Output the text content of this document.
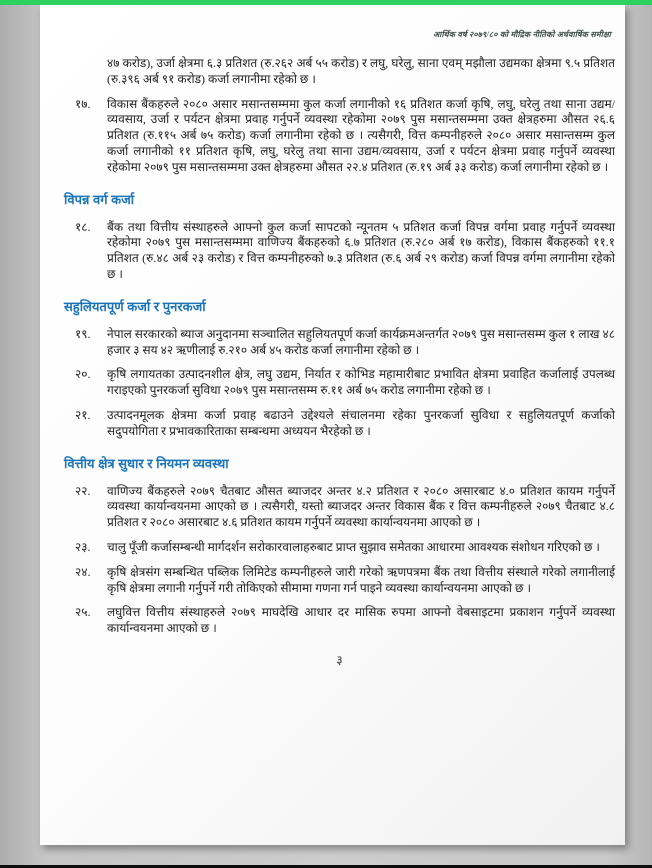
आर्थिक वर्ष २०७९/८० को मौद्रिक नीतिको अर्धवार्षिक समीक्षा

४७ करोड), उर्जा क्षेत्रमा ६.३ प्रतिशत (रु.२६२ अर्ब ५५ करोड) र लघु, घरेलु, साना एवम् मझौला उद्यमका क्षेत्रमा ९.५ प्रतिशत (रु.३९६ अर्ब ९१ करोड) कर्जा लगानीमा रहेको छ ।

१७.	विकास बैंकहरुले २०८० असार मसान्तसम्ममा कुल कर्जा लगानीको १६ प्रतिशत कर्जा कृषि, लघु, घरेलु तथा साना उद्यम/व्यवसाय, उर्जा र पर्यटन क्षेत्रमा प्रवाह गर्नुपर्ने व्यवस्था रहेकोमा २०७९ पुस मसान्तसम्ममा उक्त क्षेत्रहरुमा औसत २६.६ प्रतिशत (रु.११५ अर्ब ७५ करोड) कर्जा लगानीमा रहेको छ । त्यसैगरी, वित्त कम्पनीहरुले २०८० असार मसान्तसम्म कुल कर्जा लगानीको ११ प्रतिशत कृषि, लघु, घरेलु तथा साना उद्यम/व्यवसाय, उर्जा र पर्यटन क्षेत्रमा प्रवाह गर्नुपर्ने व्यवस्था रहेकोमा २०७९ पुस मसान्तसम्ममा उक्त क्षेत्रहरुमा औसत २२.४ प्रतिशत (रु.१९ अर्ब ३३ करोड) कर्जा लगानीमा रहेको छ ।
विपन्न वर्ग कर्जा
१८.	बैंक तथा वित्तीय संस्थाहरुले आफ्नो कुल कर्जा सापटको न्यूनतम ५ प्रतिशत कर्जा विपन्न वर्गमा प्रवाह गर्नुपर्ने व्यवस्था रहेकोमा २०७९ पुस मसान्तसम्ममा वाणिज्य बैंकहरुको ६.७ प्रतिशत (रु.२८० अर्ब १७ करोड), विकास बैंकहरुको ११.१ प्रतिशत (रु.४८ अर्ब २३ करोड) र वित्त कम्पनीहरुको ७.३ प्रतिशत (रु.६ अर्ब २९ करोड) कर्जा विपन्न वर्गमा लगानीमा रहेको छ ।
सहुलियतपूर्ण कर्जा र पुनरकर्जा
१९.	नेपाल सरकारको ब्याज अनुदानमा सञ्चालित सहुलियतपूर्ण कर्जा कार्यक्रमअन्तर्गत २०७९ पुस मसान्तसम्म कुल १ लाख ४८ हजार ३ सय ४२ ऋणीलाई रु.२१० अर्ब ४५ करोड कर्जा लगानीमा रहेको छ ।
२०.	कृषि लगायतका उत्पादनशील क्षेत्र, लघु उद्यम, निर्यात र कोभिड महामारीबाट प्रभावित क्षेत्रमा प्रवाहित कर्जालाई उपलब्ध गराइएको पुनरकर्जा सुविधा २०७९ पुस मसान्तसम्म रु.११ अर्ब ७५ करोड लगानीमा रहेको छ ।
२१.	उत्पादनमूलक क्षेत्रमा कर्जा प्रवाह बढाउने उद्देश्यले संचालनमा रहेका पुनरकर्जा सुविधा र सहुलियतपूर्ण कर्जाको सदुपयोगिता र प्रभावकारिताका सम्बन्धमा अध्ययन भैरहेको छ ।
वित्तीय क्षेत्र सुधार र नियमन व्यवस्था
२२.	वाणिज्य बैंकहरुले २०७९ चैतबाट औसत ब्याजदर अन्तर ४.२ प्रतिशत र २०८० असारबाट ४.० प्रतिशत कायम गर्नुपर्ने व्यवस्था कार्यान्वयनमा आएको छ । त्यसैगरी, यस्तो ब्याजदर अन्तर विकास बैंक र वित्त कम्पनीहरुले २०७९ चैतबाट ४.८ प्रतिशत र २०८० असारबाट ४.६ प्रतिशत कायम गर्नुपर्ने व्यवस्था कार्यान्वयनमा आएको छ ।
२३.	चालु पूँजी कर्जासम्बन्धी मार्गदर्शन सरोकारवालाहरुबाट प्राप्त सुझाव समेतका आधारमा आवश्यक संशोधन गरिएको छ ।
२४.	कृषि क्षेत्रसंग सम्बन्धित पब्लिक लिमिटेड कम्पनीहरुले जारी गरेको ऋणपत्रमा बैंक तथा वित्तीय संस्थाले गरेको लगानीलाई कृषि क्षेत्रमा लगानी गर्नुपर्ने गरी तोकिएको सीमामा गणना गर्न पाइने व्यवस्था कार्यान्वयनमा आएको छ ।
२५.	लघुवित्त वित्तीय संस्थाहरुले २०७९ माघदेखि आधार दर मासिक रुपमा आफ्नो वेबसाइटमा प्रकाशन गर्नुपर्ने व्यवस्था कार्यान्वयनमा आएको छ ।
३
